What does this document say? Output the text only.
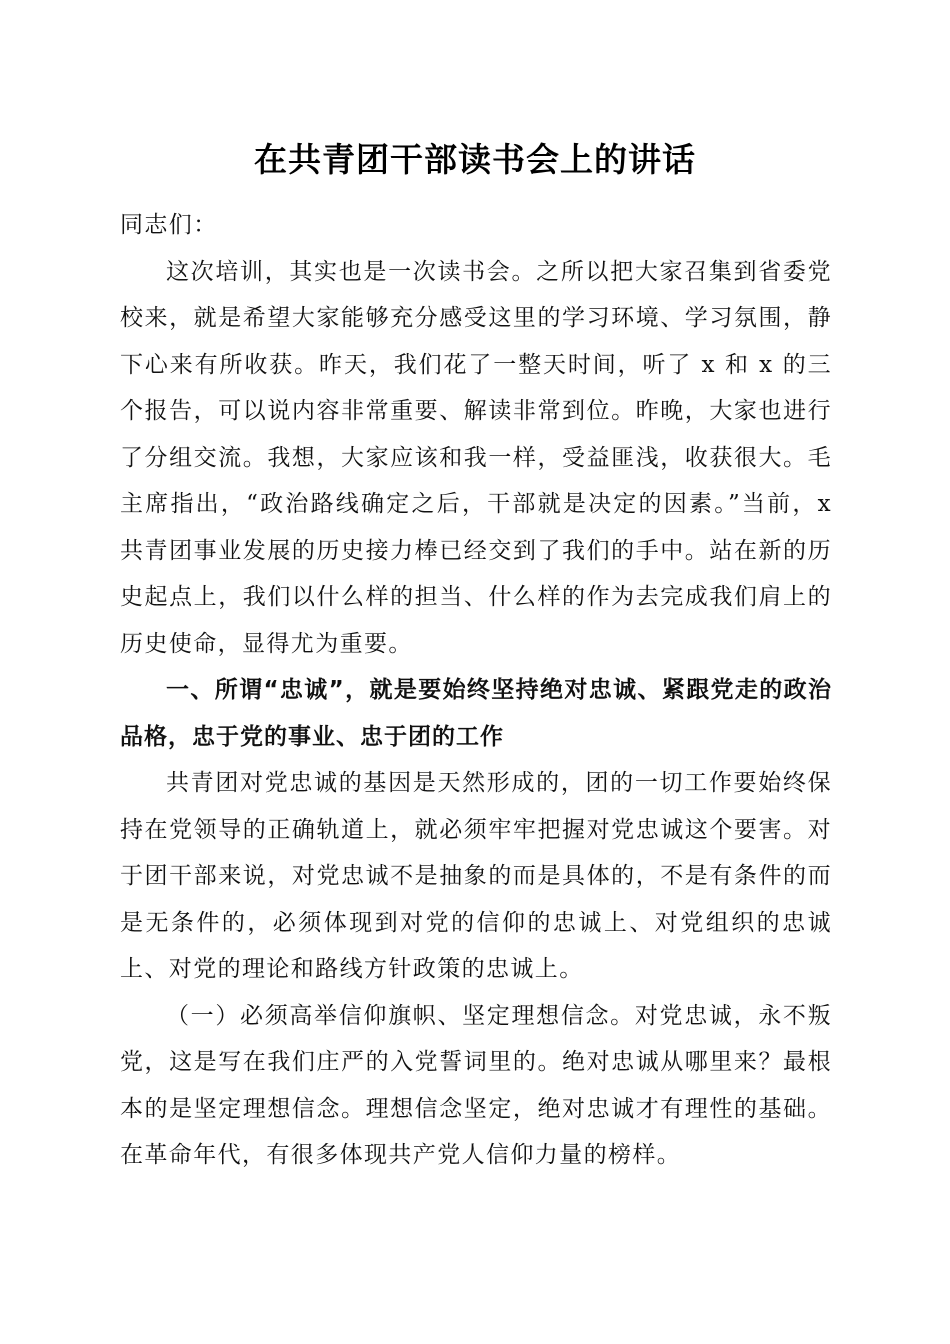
在共青团干部读书会上的讲话

同志们：

这次培训，其实也是一次读书会。之所以把大家召集到省委党校来，就是希望大家能够充分感受这里的学习环境、学习氛围，静下心来有所收获。昨天，我们花了一整天时间，听了 x 和 x 的三个报告，可以说内容非常重要、解读非常到位。昨晚，大家也进行了分组交流。我想，大家应该和我一样，受益匪浅，收获很大。毛主席指出，“政治路线确定之后，干部就是决定的因素。”当前，x 共青团事业发展的历史接力棒已经交到了我们的手中。站在新的历史起点上，我们以什么样的担当、什么样的作为去完成我们肩上的历史使命，显得尤为重要。

一、所谓“忠诚”，就是要始终坚持绝对忠诚、紧跟党走的政治品格，忠于党的事业、忠于团的工作

共青团对党忠诚的基因是天然形成的，团的一切工作要始终保持在党领导的正确轨道上，就必须牢牢把握对党忠诚这个要害。对于团干部来说，对党忠诚不是抽象的而是具体的，不是有条件的而是无条件的，必须体现到对党的信仰的忠诚上、对党组织的忠诚上、对党的理论和路线方针政策的忠诚上。

（一）必须高举信仰旗帜、坚定理想信念。对党忠诚，永不叛党，这是写在我们庄严的入党誓词里的。绝对忠诚从哪里来？最根本的是坚定理想信念。理想信念坚定，绝对忠诚才有理性的基础。在革命年代，有很多体现共产党人信仰力量的榜样。
